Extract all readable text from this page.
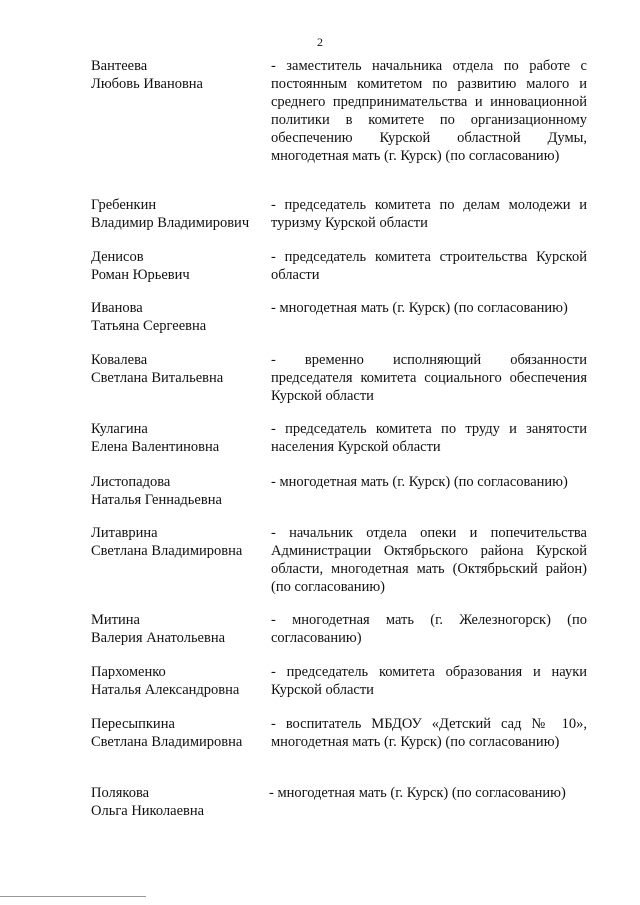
2
Вантеева
Любовь Ивановна
- заместитель начальника отдела по работе с постоянным комитетом по развитию малого и среднего предпринимательства и инновационной политики в комитете по организационному обеспечению Курской областной Думы, многодетная мать (г. Курск) (по согласованию)
Гребенкин
Владимир Владимирович
- председатель комитета по делам молодежи и туризму Курской области
Денисов
Роман Юрьевич
- председатель комитета строительства Курской области
Иванова
Татьяна Сергеевна
- многодетная мать (г. Курск) (по согласованию)
Ковалева
Светлана Витальевна
- временно исполняющий обязанности председателя комитета социального обеспечения Курской области
Кулагина
Елена Валентиновна
- председатель комитета по труду и занятости населения Курской области
Листопадова
Наталья Геннадьевна
- многодетная мать (г. Курск) (по согласованию)
Литаврина
Светлана Владимировна
- начальник отдела опеки и попечительства Администрации Октябрьского района Курской области, многодетная мать (Октябрьский район) (по согласованию)
Митина
Валерия Анатольевна
- многодетная мать (г. Железногорск) (по согласованию)
Пархоменко
Наталья Александровна
- председатель комитета образования и науки Курской области
Пересыпкина
Светлана Владимировна
- воспитатель МБДОУ «Детский сад № 10», многодетная мать (г. Курск) (по согласованию)
Полякова
Ольга Николаевна
- многодетная мать (г. Курск) (по согласованию)
